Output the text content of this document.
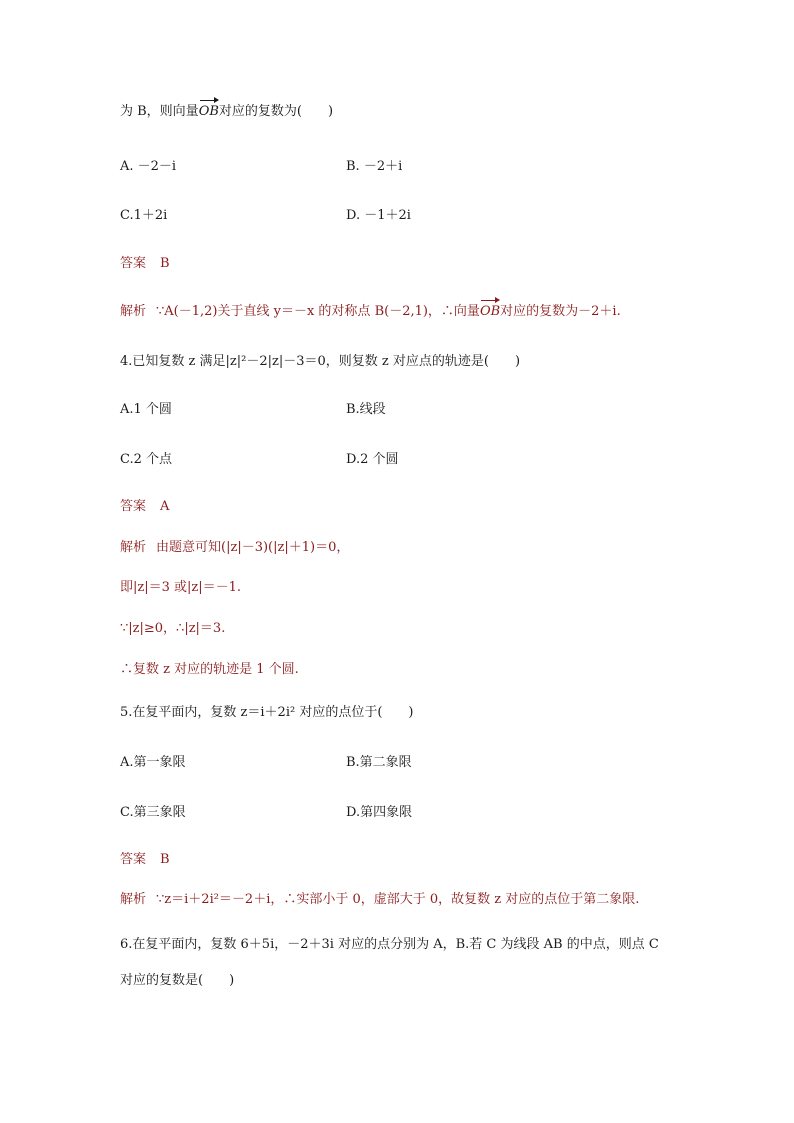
为 B，则向量OB对应的复数为(　　)
A. －2－i	B. －2＋i
C.1＋2i	D. －1＋2i
答案 B
解析 ∵A(－1,2)关于直线 y＝－x 的对称点 B(－2,1)，∴向量OB对应的复数为－2＋i.
4.已知复数 z 满足|z|²－2|z|－3＝0，则复数 z 对应点的轨迹是(　　)
A.1 个圆	B.线段
C.2 个点	D.2 个圆
答案 A
解析 由题意可知(|z|－3)(|z|＋1)＝0，
即|z|＝3 或|z|＝－1.
∵|z|≥0，∴|z|＝3.
∴复数 z 对应的轨迹是 1 个圆.
5.在复平面内，复数 z＝i＋2i² 对应的点位于(　　)
A.第一象限	B.第二象限
C.第三象限	D.第四象限
答案 B
解析 ∵z＝i＋2i²＝－2＋i，∴实部小于 0，虚部大于 0，故复数 z 对应的点位于第二象限.
6.在复平面内，复数 6＋5i，－2＋3i 对应的点分别为 A，B.若 C 为线段 AB 的中点，则点 C
对应的复数是(　　)
